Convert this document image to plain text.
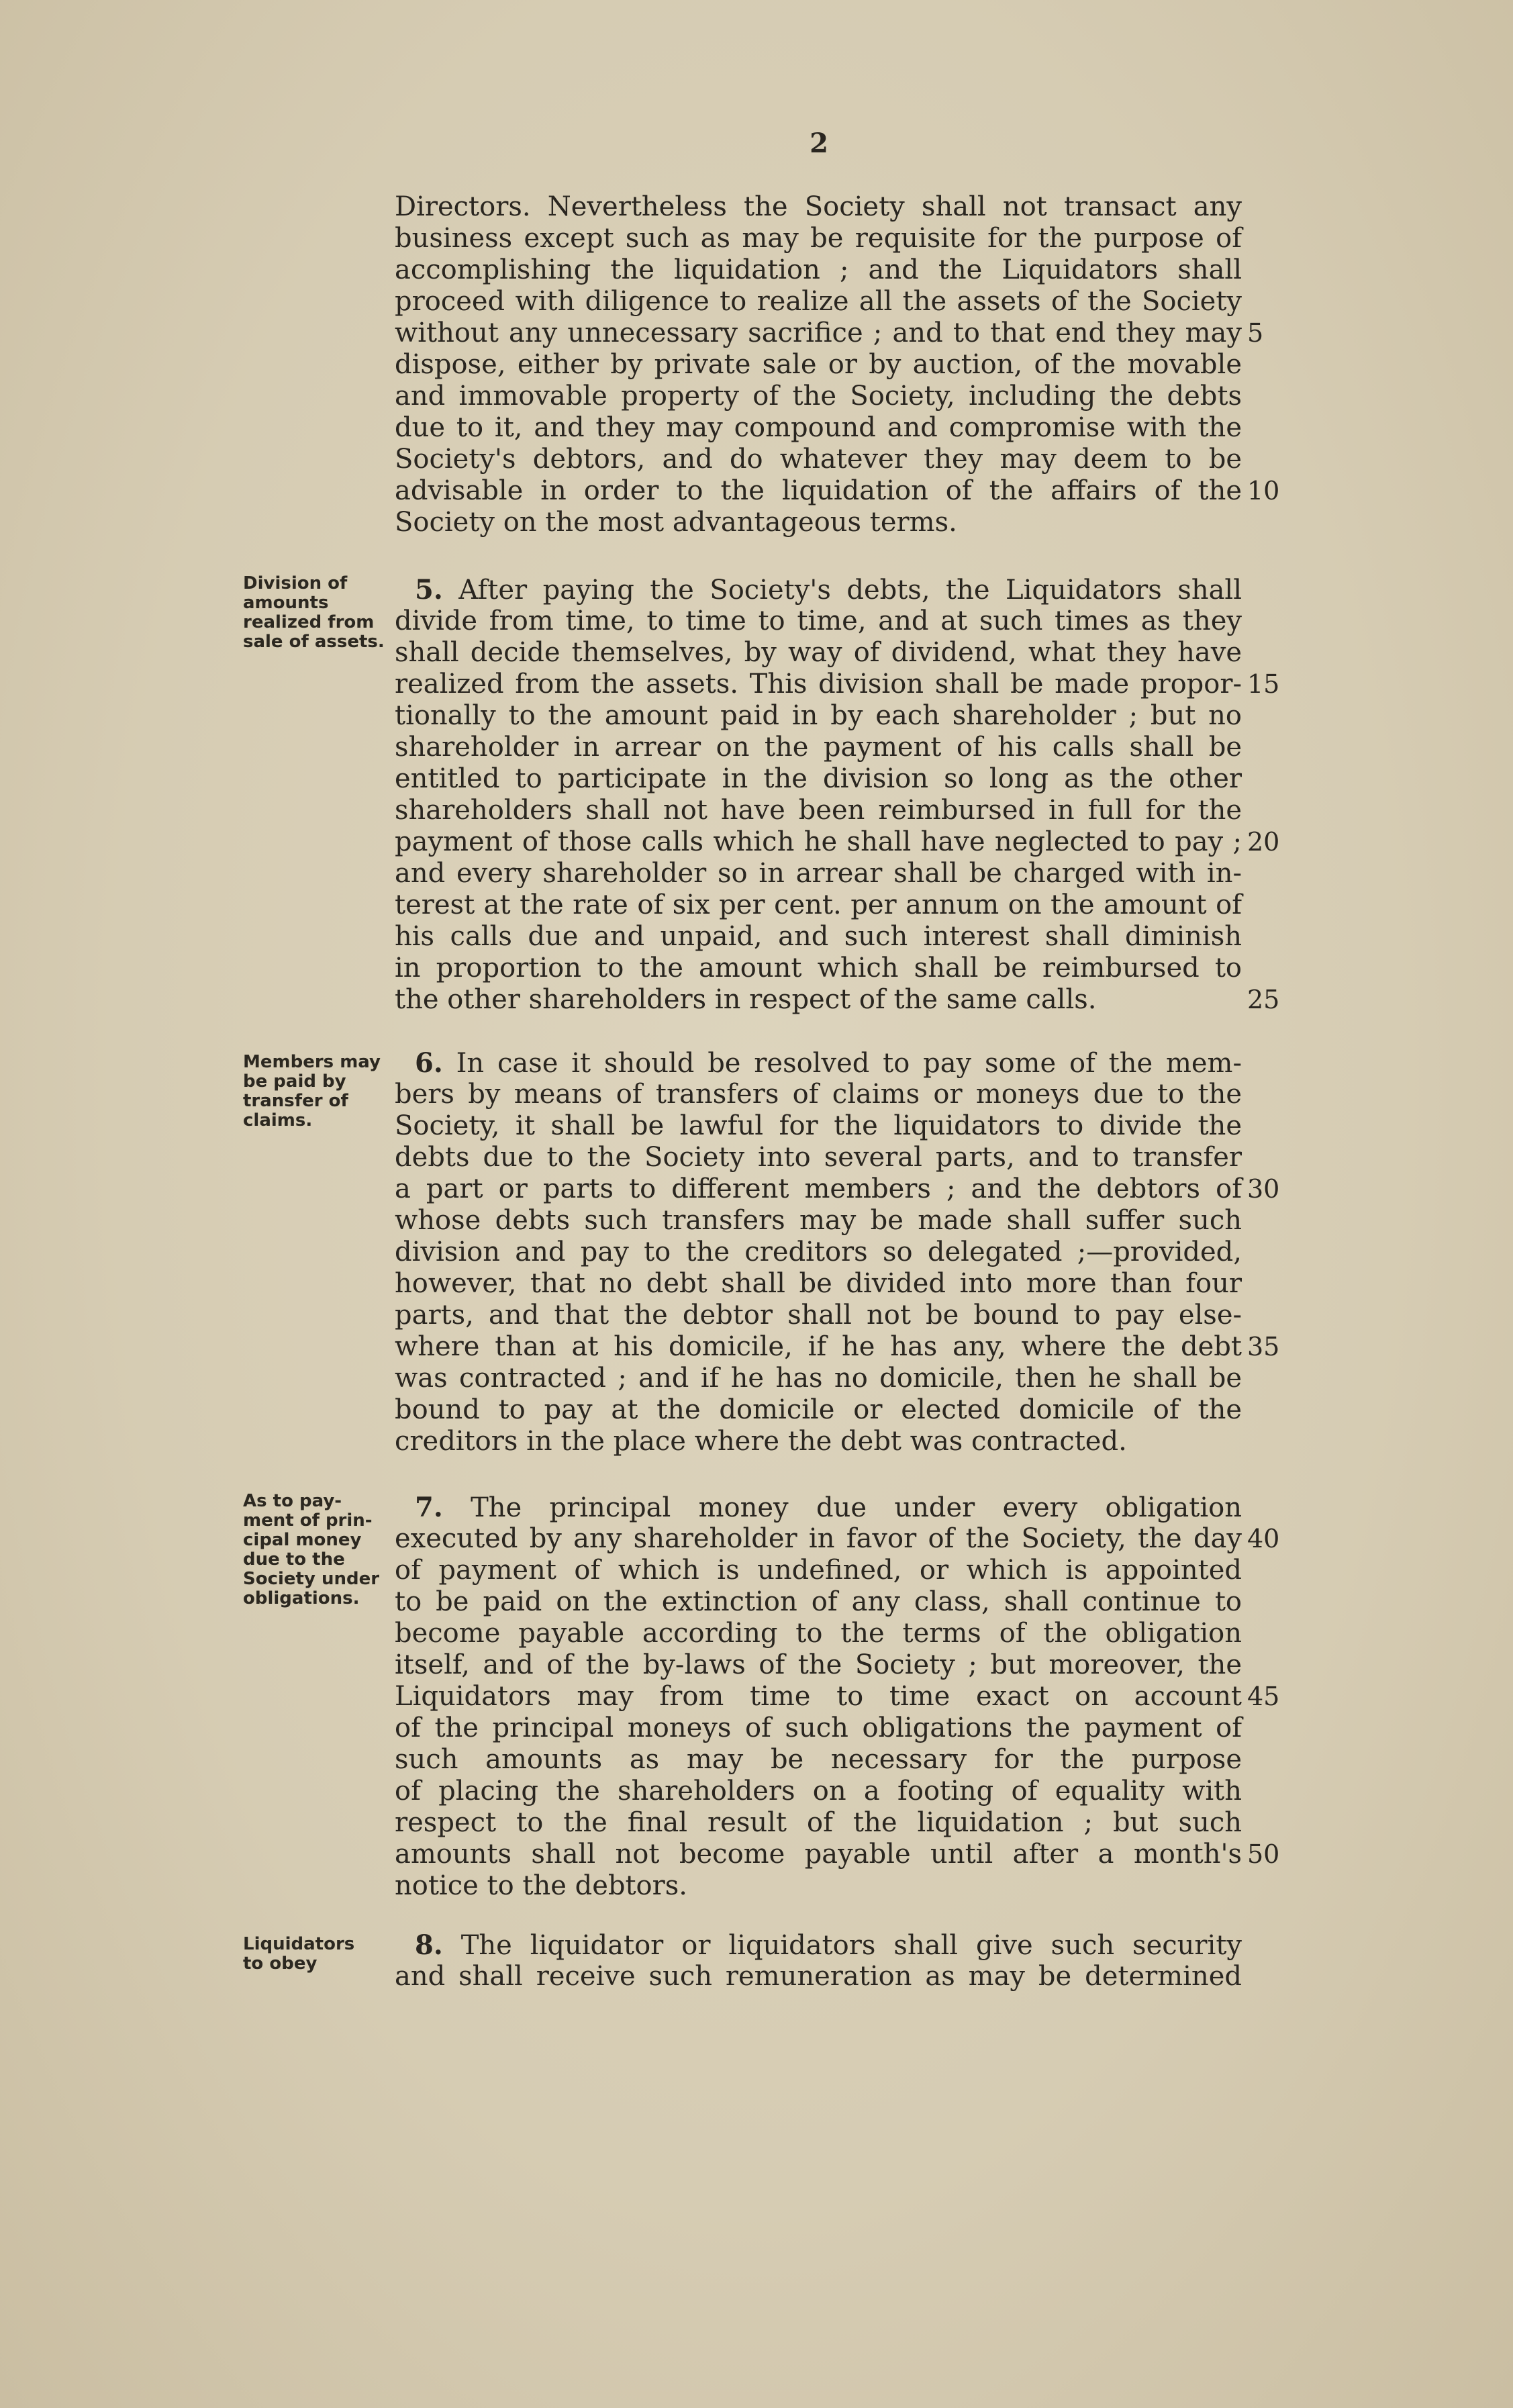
2
Directors. Nevertheless the Society shall not transact any
business except such as may be requisite for the purpose of
accomplishing the liquidation ; and the Liquidators shall
proceed with diligence to realize all the assets of the Society
without any unnecessary sacrifice ; and to that end they may
dispose, either by private sale or by auction, of the movable
and immovable property of the Society, including the debts
due to it, and they may compound and compromise with the
Society's debtors, and do whatever they may deem to be
advisable in order to the liquidation of the affairs of the
Society on the most advantageous terms.
Division of
amounts
realized from
sale of assets.
5. After paying the Society's debts, the Liquidators shall
divide from time, to time to time, and at such times as they
shall decide themselves, by way of dividend, what they have
realized from the assets. This division shall be made propor-
tionally to the amount paid in by each shareholder ; but no
shareholder in arrear on the payment of his calls shall be
entitled to participate in the division so long as the other
shareholders shall not have been reimbursed in full for the
payment of those calls which he shall have neglected to pay ;
and every shareholder so in arrear shall be charged with in-
terest at the rate of six per cent. per annum on the amount of
his calls due and unpaid, and such interest shall diminish
in proportion to the amount which shall be reimbursed to
the other shareholders in respect of the same calls.
Members may
be paid by
transfer of
claims.
6. In case it should be resolved to pay some of the mem-
bers by means of transfers of claims or moneys due to the
Society, it shall be lawful for the liquidators to divide the
debts due to the Society into several parts, and to transfer
a part or parts to different members ; and the debtors of
whose debts such transfers may be made shall suffer such
division and pay to the creditors so delegated ;—provided,
however, that no debt shall be divided into more than four
parts, and that the debtor shall not be bound to pay else-
where than at his domicile, if he has any, where the debt
was contracted ; and if he has no domicile, then he shall be
bound to pay at the domicile or elected domicile of the
creditors in the place where the debt was contracted.
As to pay-
ment of prin-
cipal money
due to the
Society under
obligations.
7. The principal money due under every obligation
executed by any shareholder in favor of the Society, the day
of payment of which is undefined, or which is appointed
to be paid on the extinction of any class, shall continue to
become payable according to the terms of the obligation
itself, and of the by-laws of the Society ; but moreover, the
Liquidators may from time to time exact on account
of the principal moneys of such obligations the payment of
such amounts as may be necessary for the purpose
of placing the shareholders on a footing of equality with
respect to the final result of the liquidation ; but such
amounts shall not become payable until after a month's
notice to the debtors.
Liquidators
to obey
8. The liquidator or liquidators shall give such security
and shall receive such remuneration as may be determined
5
10
15
20
25
30
35
40
45
50
